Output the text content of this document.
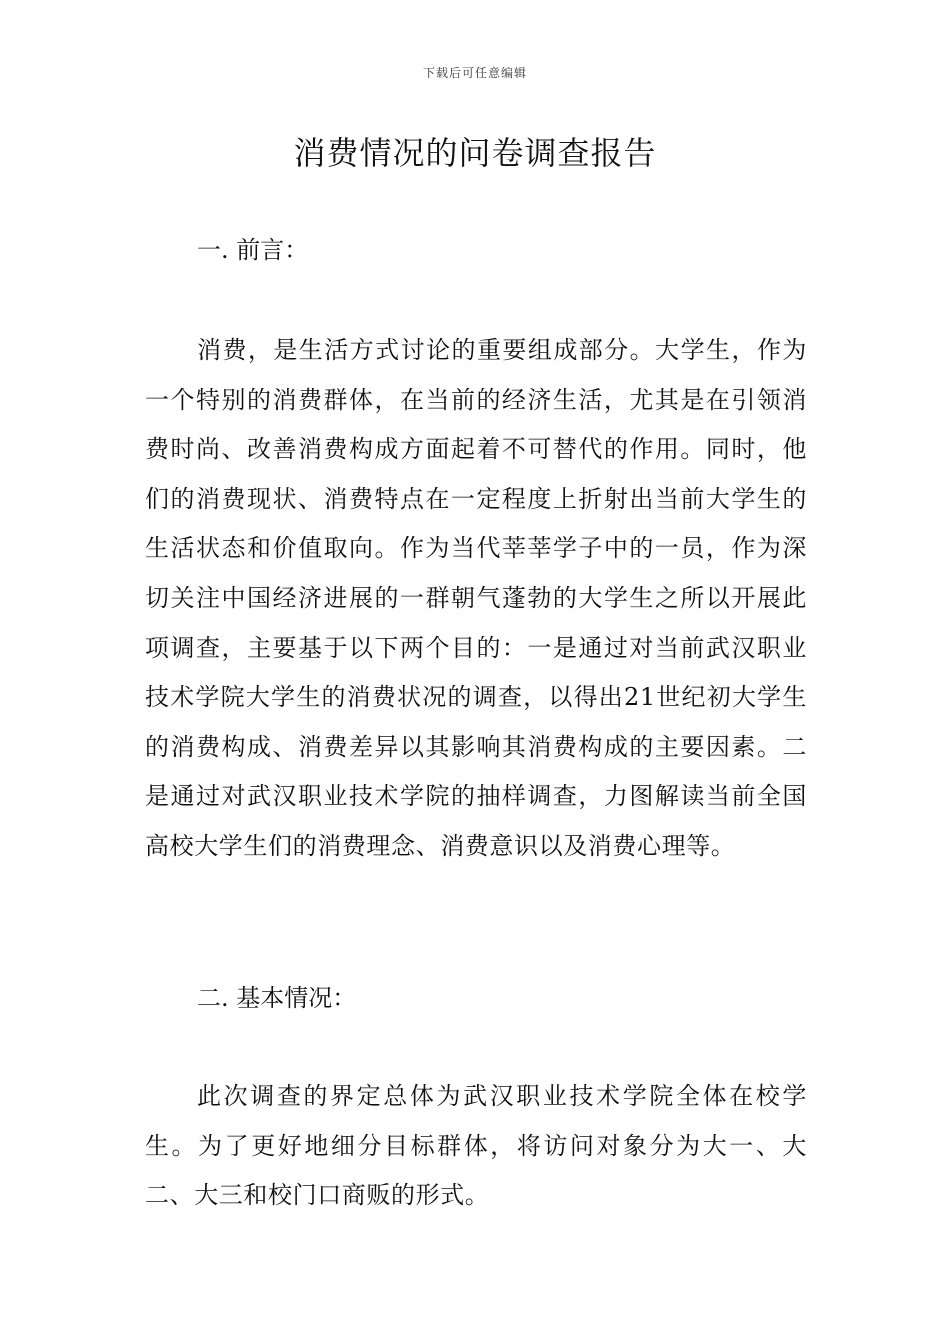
下载后可任意编辑
消费情况的问卷调查报告
一. 前言：

消费，是生活方式讨论的重要组成部分。大学生，作为一个特别的消费群体，在当前的经济生活，尤其是在引领消费时尚、改善消费构成方面起着不可替代的作用。同时，他们的消费现状、消费特点在一定程度上折射出当前大学生的生活状态和价值取向。作为当代莘莘学子中的一员，作为深切关注中国经济进展的一群朝气蓬勃的大学生之所以开展此项调查，主要基于以下两个目的：一是通过对当前武汉职业技术学院大学生的消费状况的调查，以得出21世纪初大学生的消费构成、消费差异以其影响其消费构成的主要因素。二是通过对武汉职业技术学院的抽样调查，力图解读当前全国高校大学生们的消费理念、消费意识以及消费心理等。

二. 基本情况：

此次调查的界定总体为武汉职业技术学院全体在校学生。为了更好地细分目标群体，将访问对象分为大一、大二、大三和校门口商贩的形式。
